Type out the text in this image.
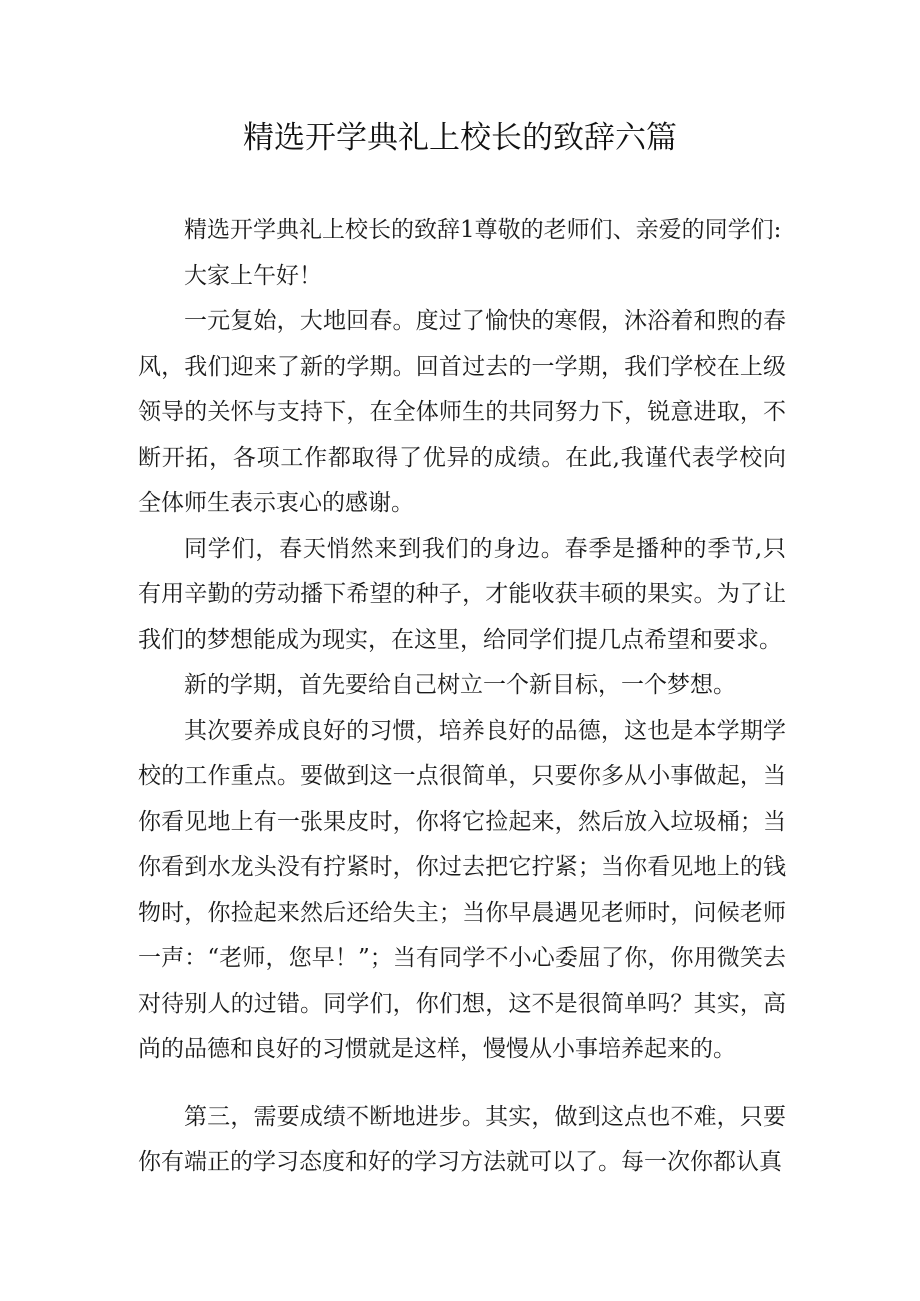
精选开学典礼上校长的致辞六篇

精选开学典礼上校长的致辞1尊敬的老师们、亲爱的同学们:

大家上午好！

一元复始，大地回春。度过了愉快的寒假，沐浴着和煦的春风，我们迎来了新的学期。回首过去的一学期，我们学校在上级领导的关怀与支持下，在全体师生的共同努力下，锐意进取，不断开拓，各项工作都取得了优异的成绩。在此,我谨代表学校向全体师生表示衷心的感谢。

同学们，春天悄然来到我们的身边。春季是播种的季节,只有用辛勤的劳动播下希望的种子，才能收获丰硕的果实。为了让我们的梦想能成为现实，在这里，给同学们提几点希望和要求。

新的学期，首先要给自己树立一个新目标，一个梦想。

其次要养成良好的习惯，培养良好的品德，这也是本学期学校的工作重点。要做到这一点很简单，只要你多从小事做起，当你看见地上有一张果皮时，你将它捡起来，然后放入垃圾桶；当你看到水龙头没有拧紧时，你过去把它拧紧；当你看见地上的钱物时，你捡起来然后还给失主；当你早晨遇见老师时，问候老师一声：“老师，您早！”；当有同学不小心委屈了你，你用微笑去对待别人的过错。同学们，你们想，这不是很简单吗？其实，高尚的品德和良好的习惯就是这样，慢慢从小事培养起来的。

第三，需要成绩不断地进步。其实，做到这点也不难，只要你有端正的学习态度和好的学习方法就可以了。每一次你都认真
